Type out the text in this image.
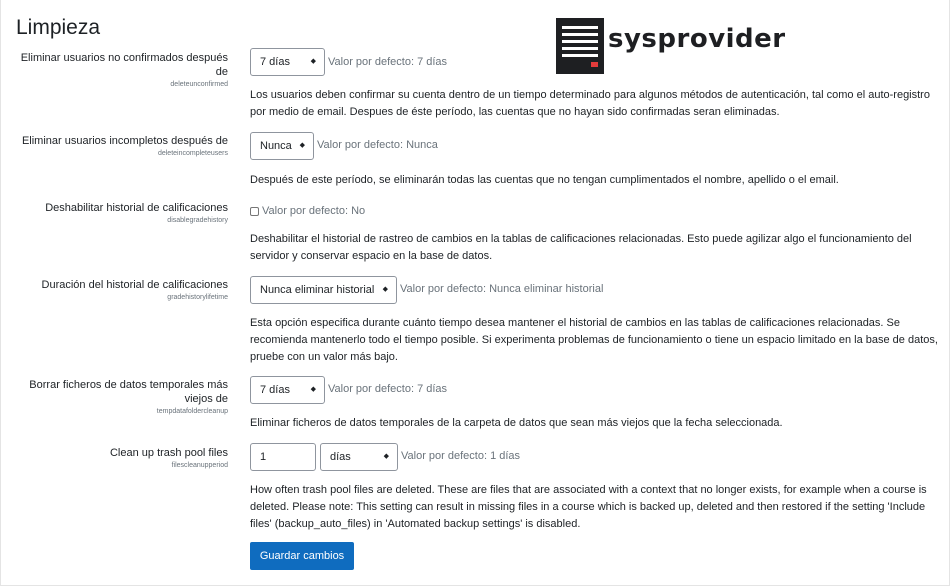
Limpieza	sysprovider
Eliminar usuarios no confirmados después de
deleteunconfirmed
7 días	◆ Valor por defecto: 7 días

Los usuarios deben confirmar su cuenta dentro de un tiempo determinado para algunos métodos de autenticación, tal como el auto-registro por medio de email. Despues de éste período, las cuentas que no hayan sido confirmadas seran eliminadas.

Eliminar usuarios incompletos después de
deleteincompleteusers
Nunca ◆ Valor por defecto: Nunca

Después de este período, se eliminarán todas las cuentas que no tengan cumplimentados el nombre, apellido o el email.

Deshabilitar historial de calificaciones
disablegradehistory
Valor por defecto: No

Deshabilitar el historial de rastreo de cambios en la tablas de calificaciones relacionadas. Esto puede agilizar algo el funcionamiento del servidor y conservar espacio en la base de datos.

Duración del historial de calificaciones
gradehistorylifetime
Nunca eliminar historial ◆ Valor por defecto: Nunca eliminar historial

Esta opción especifica durante cuánto tiempo desea mantener el historial de cambios en las tablas de calificaciones relacionadas. Se recomienda mantenerlo todo el tiempo posible. Si experimenta problemas de funcionamiento o tiene un espacio limitado en la base de datos, pruebe con un valor más bajo.

Borrar ficheros de datos temporales más viejos de
tempdatafoldercleanup
7 días	◆ Valor por defecto: 7 días

Eliminar ficheros de datos temporales de la carpeta de datos que sean más viejos que la fecha seleccionada.

Clean up trash pool files
filescleanupperiod
1	días	◆ Valor por defecto: 1 días

How often trash pool files are deleted. These are files that are associated with a context that no longer exists, for example when a course is deleted. Please note: This setting can result in missing files in a course which is backed up, deleted and then restored if the setting 'Include files' (backup_auto_files) in 'Automated backup settings' is disabled.

Guardar cambios
